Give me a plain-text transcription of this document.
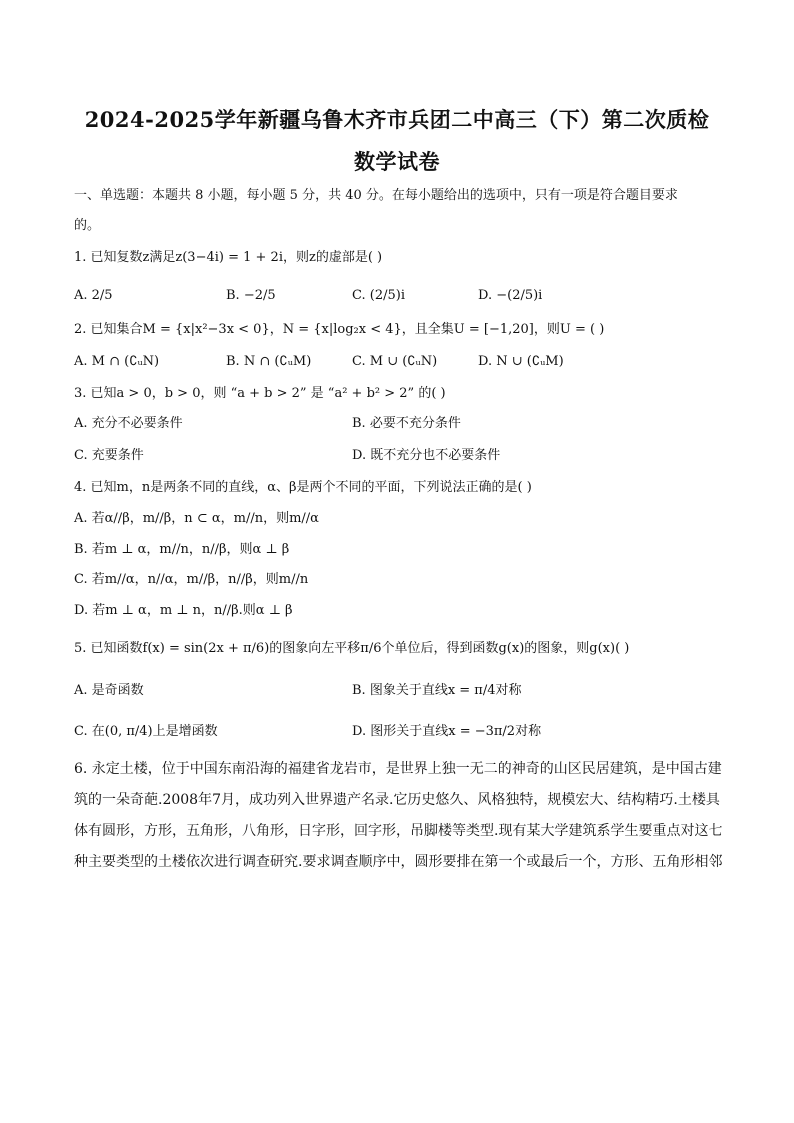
2024-2025学年新疆乌鲁木齐市兵团二中高三（下）第二次质检
数学试卷
一、单选题：本题共 8 小题，每小题 5 分，共 40 分。在每小题给出的选项中，只有一项是符合题目要求
的。
1. 已知复数z满足z(3−4i) = 1 + 2i，则z的虚部是( )
A. 2/5	B. −2/5	C. (2/5)i	D. −(2/5)i
2. 已知集合M = {x|x²−3x < 0}，N = {x|log₂x < 4}，且全集U = [−1,20]，则U = ( )
A. M ∩ (∁ᵤN)	B. N ∩ (∁ᵤM)	C. M ∪ (∁ᵤN)	D. N ∪ (∁ᵤM)
3. 已知a > 0，b > 0，则 “a + b > 2” 是 “a² + b² > 2” 的( )
A. 充分不必要条件	B. 必要不充分条件
C. 充要条件	D. 既不充分也不必要条件
4. 已知m，n是两条不同的直线，α、β是两个不同的平面，下列说法正确的是( )
A. 若α//β，m//β，n ⊂ α，m//n，则m//α
B. 若m ⊥ α，m//n，n//β，则α ⊥ β
C. 若m//α，n//α，m//β，n//β，则m//n
D. 若m ⊥ α，m ⊥ n，n//β.则α ⊥ β
5. 已知函数f(x) = sin(2x + π/6)的图象向左平移π/6个单位后，得到函数g(x)的图象，则g(x)( )
A. 是奇函数	B. 图象关于直线x = π/4对称
C. 在(0, π/4)上是增函数	D. 图形关于直线x = −3π/2对称
6. 永定土楼，位于中国东南沿海的福建省龙岩市，是世界上独一无二的神奇的山区民居建筑，是中国古建
筑的一朵奇葩.2008年7月，成功列入世界遗产名录.它历史悠久、风格独特，规模宏大、结构精巧.土楼具
体有圆形，方形，五角形，八角形，日字形，回字形，吊脚楼等类型.现有某大学建筑系学生要重点对这七
种主要类型的土楼依次进行调查研究.要求调查顺序中，圆形要排在第一个或最后一个，方形、五角形相邻
